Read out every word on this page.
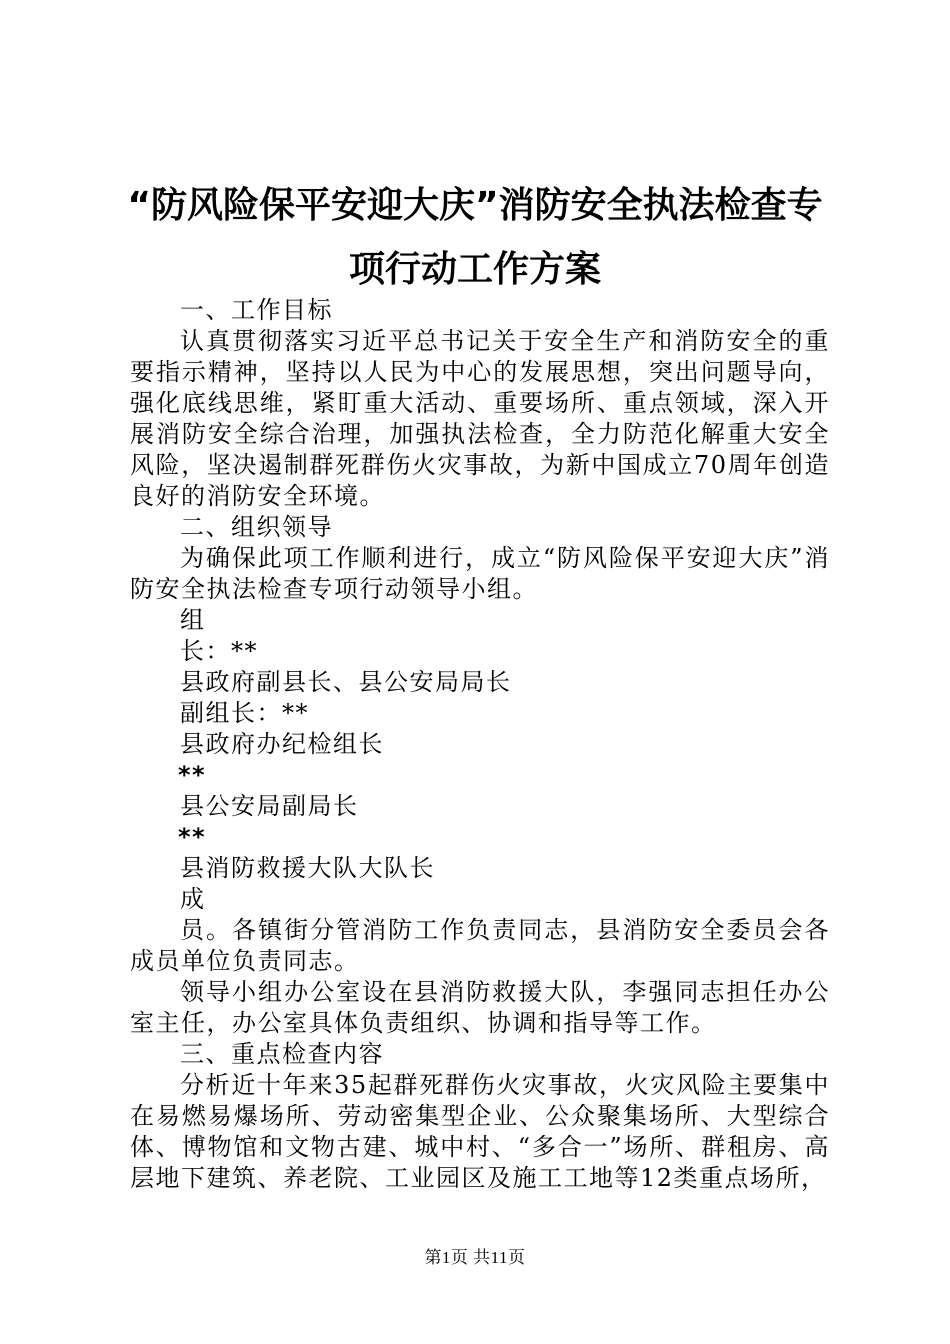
“防风险保平安迎大庆”消防安全执法检查专
项行动工作方案

一、工作目标

认真贯彻落实习近平总书记关于安全生产和消防安全的重要指示精神，坚持以人民为中心的发展思想，突出问题导向，强化底线思维，紧盯重大活动、重要场所、重点领域，深入开展消防安全综合治理，加强执法检查，全力防范化解重大安全风险，坚决遏制群死群伤火灾事故，为新中国成立70周年创造良好的消防安全环境。

二、组织领导

为确保此项工作顺利进行，成立“防风险保平安迎大庆”消防安全执法检查专项行动领导小组。

组

长：**

县政府副县长、县公安局局长

副组长：**

县政府办纪检组长

**

县公安局副局长

**

县消防救援大队大队长

成

员。各镇街分管消防工作负责同志，县消防安全委员会各成员单位负责同志。

领导小组办公室设在县消防救援大队，李强同志担任办公室主任，办公室具体负责组织、协调和指导等工作。

三、重点检查内容

分析近十年来35起群死群伤火灾事故，火灾风险主要集中在易燃易爆场所、劳动密集型企业、公众聚集场所、大型综合体、博物馆和文物古建、城中村、“多合一”场所、群租房、高层地下建筑、养老院、工业园区及施工工地等12类重点场所，

第1页 共11页
